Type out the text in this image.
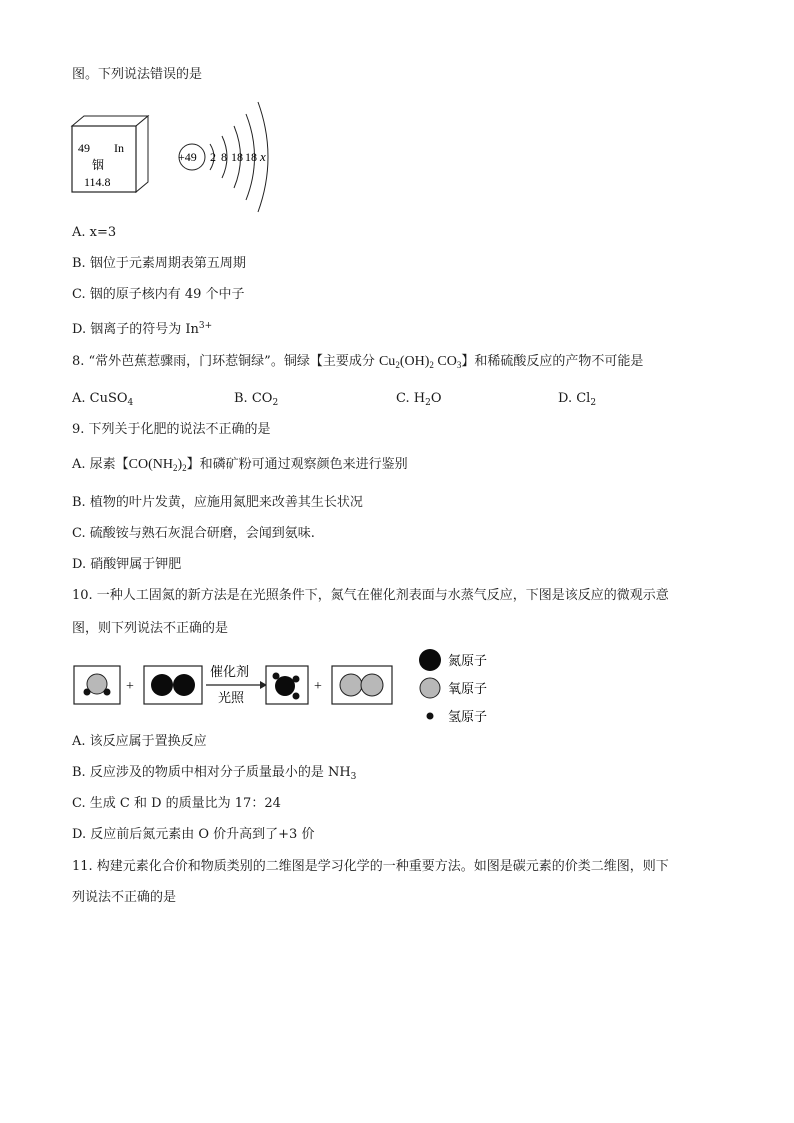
图。下列说法错误的是
49 In
铟
114.8
+49 2 8 18 18 x
A. x=3
B. 铟位于元素周期表第五周期
C. 铟的原子核内有 49 个中子
D. 铟离子的符号为 $In^{3+}$
8. “常外芭蕉惹骤雨，门环惹铜绿”。铜绿【主要成分 $Cu_2(OH)_2$ $CO_3$】和稀硫酸反应的产物不可能是
A. CuSO$_4$	B. $CO_2$	C. $H_2O$	D. $Cl_2$
9. 下列关于化肥的说法不正确的是
A. 尿素【$CO(NH_2)_2$】和磷矿粉可通过观察颜色来进行鉴别
B. 植物的叶片发黄，应施用氮肥来改善其生长状况
C. 硫酸铵与熟石灰混合研磨，会闻到氨味.
D. 硝酸钾属于钾肥
10. 一种人工固氮的新方法是在光照条件下，氮气在催化剂表面与水蒸气反应，下图是该反应的微观示意
图，则下列说法不正确的是
+
催化剂
光照
+
氮原子
氧原子
氢原子
A. 该反应属于置换反应
B. 反应涉及的物质中相对分子质量最小的是 $NH_3$
C. 生成 C 和 D 的质量比为 17：24
D. 反应前后氮元素由 O 价升高到了+3 价
11. 构建元素化合价和物质类别的二维图是学习化学的一种重要方法。如图是碳元素的价类二维图，则下
列说法不正确的是
